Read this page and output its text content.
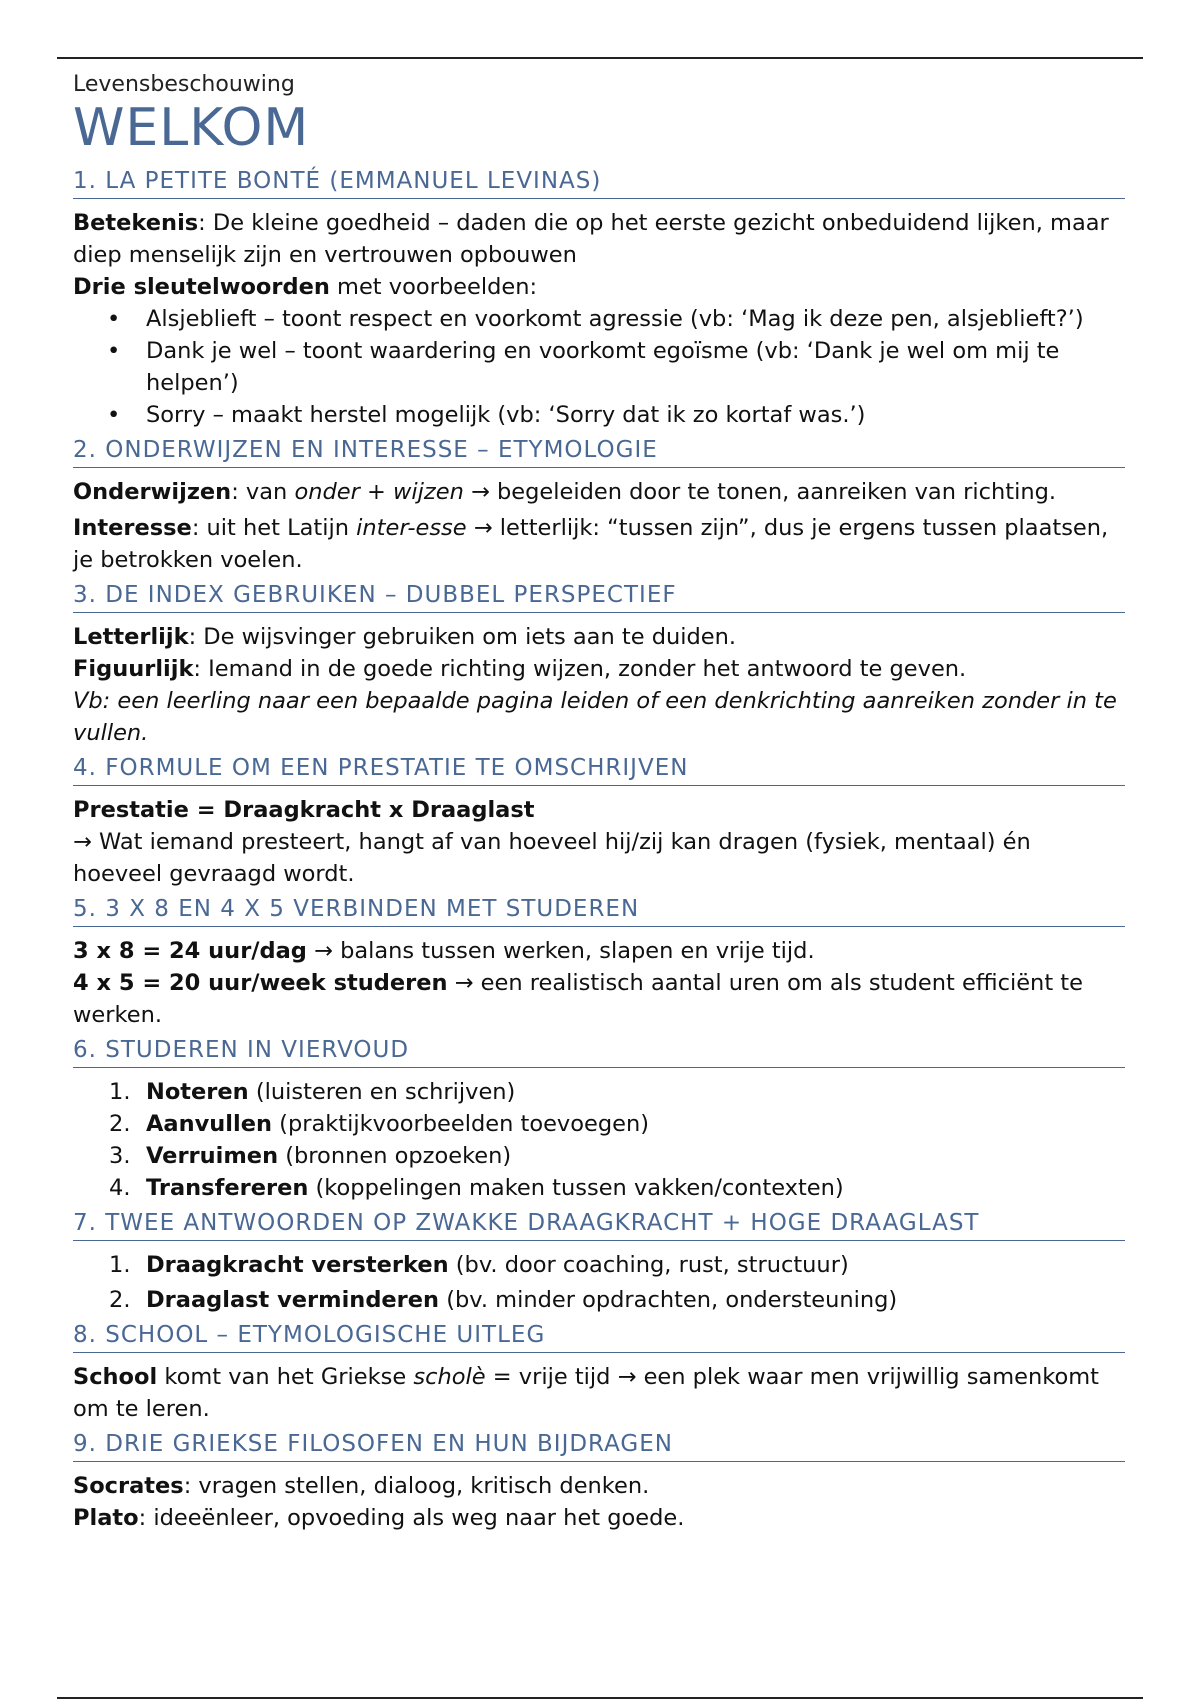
Levensbeschouwing

WELKOM
1. LA PETITE BONTÉ (EMMANUEL LEVINAS)

Betekenis: De kleine goedheid – daden die op het eerste gezicht onbeduidend lijken, maar diep menselijk zijn en vertrouwen opbouwen

Drie sleutelwoorden met voorbeelden:

• Alsjeblieft – toont respect en voorkomt agressie (vb: ‘Mag ik deze pen, alsjeblieft?’)
• Dank je wel – toont waardering en voorkomt egoïsme (vb: ‘Dank je wel om mij te helpen’)
• Sorry – maakt herstel mogelijk (vb: ‘Sorry dat ik zo kortaf was.’)
2. ONDERWIJZEN EN INTERESSE – ETYMOLOGIE

Onderwijzen: van onder + wijzen → begeleiden door te tonen, aanreiken van richting.

Interesse: uit het Latijn inter-esse → letterlijk: “tussen zijn”, dus je ergens tussen plaatsen, je betrokken voelen.

3. DE INDEX GEBRUIKEN – DUBBEL PERSPECTIEF

Letterlijk: De wijsvinger gebruiken om iets aan te duiden.

Figuurlijk: Iemand in de goede richting wijzen, zonder het antwoord te geven.

Vb: een leerling naar een bepaalde pagina leiden of een denkrichting aanreiken zonder in te vullen.

4. FORMULE OM EEN PRESTATIE TE OMSCHRIJVEN

Prestatie = Draagkracht x Draaglast

→ Wat iemand presteert, hangt af van hoeveel hij/zij kan dragen (fysiek, mentaal) én hoeveel gevraagd wordt.

5. 3 X 8 EN 4 X 5 VERBINDEN MET STUDEREN

3 x 8 = 24 uur/dag → balans tussen werken, slapen en vrije tijd.

4 x 5 = 20 uur/week studeren → een realistisch aantal uren om als student efficiënt te werken.

6. STUDEREN IN VIERVOUD
1. Noteren (luisteren en schrijven)
2. Aanvullen (praktijkvoorbeelden toevoegen)
3. Verruimen (bronnen opzoeken)
4. Transfereren (koppelingen maken tussen vakken/contexten)
7. TWEE ANTWOORDEN OP ZWAKKE DRAAGKRACHT + HOGE DRAAGLAST
1. Draagkracht versterken (bv. door coaching, rust, structuur)
2. Draaglast verminderen (bv. minder opdrachten, ondersteuning)
8. SCHOOL – ETYMOLOGISCHE UITLEG

School komt van het Griekse scholè = vrije tijd → een plek waar men vrijwillig samenkomt om te leren.

9. DRIE GRIEKSE FILOSOFEN EN HUN BIJDRAGEN

Socrates: vragen stellen, dialoog, kritisch denken.

Plato: ideeënleer, opvoeding als weg naar het goede.
